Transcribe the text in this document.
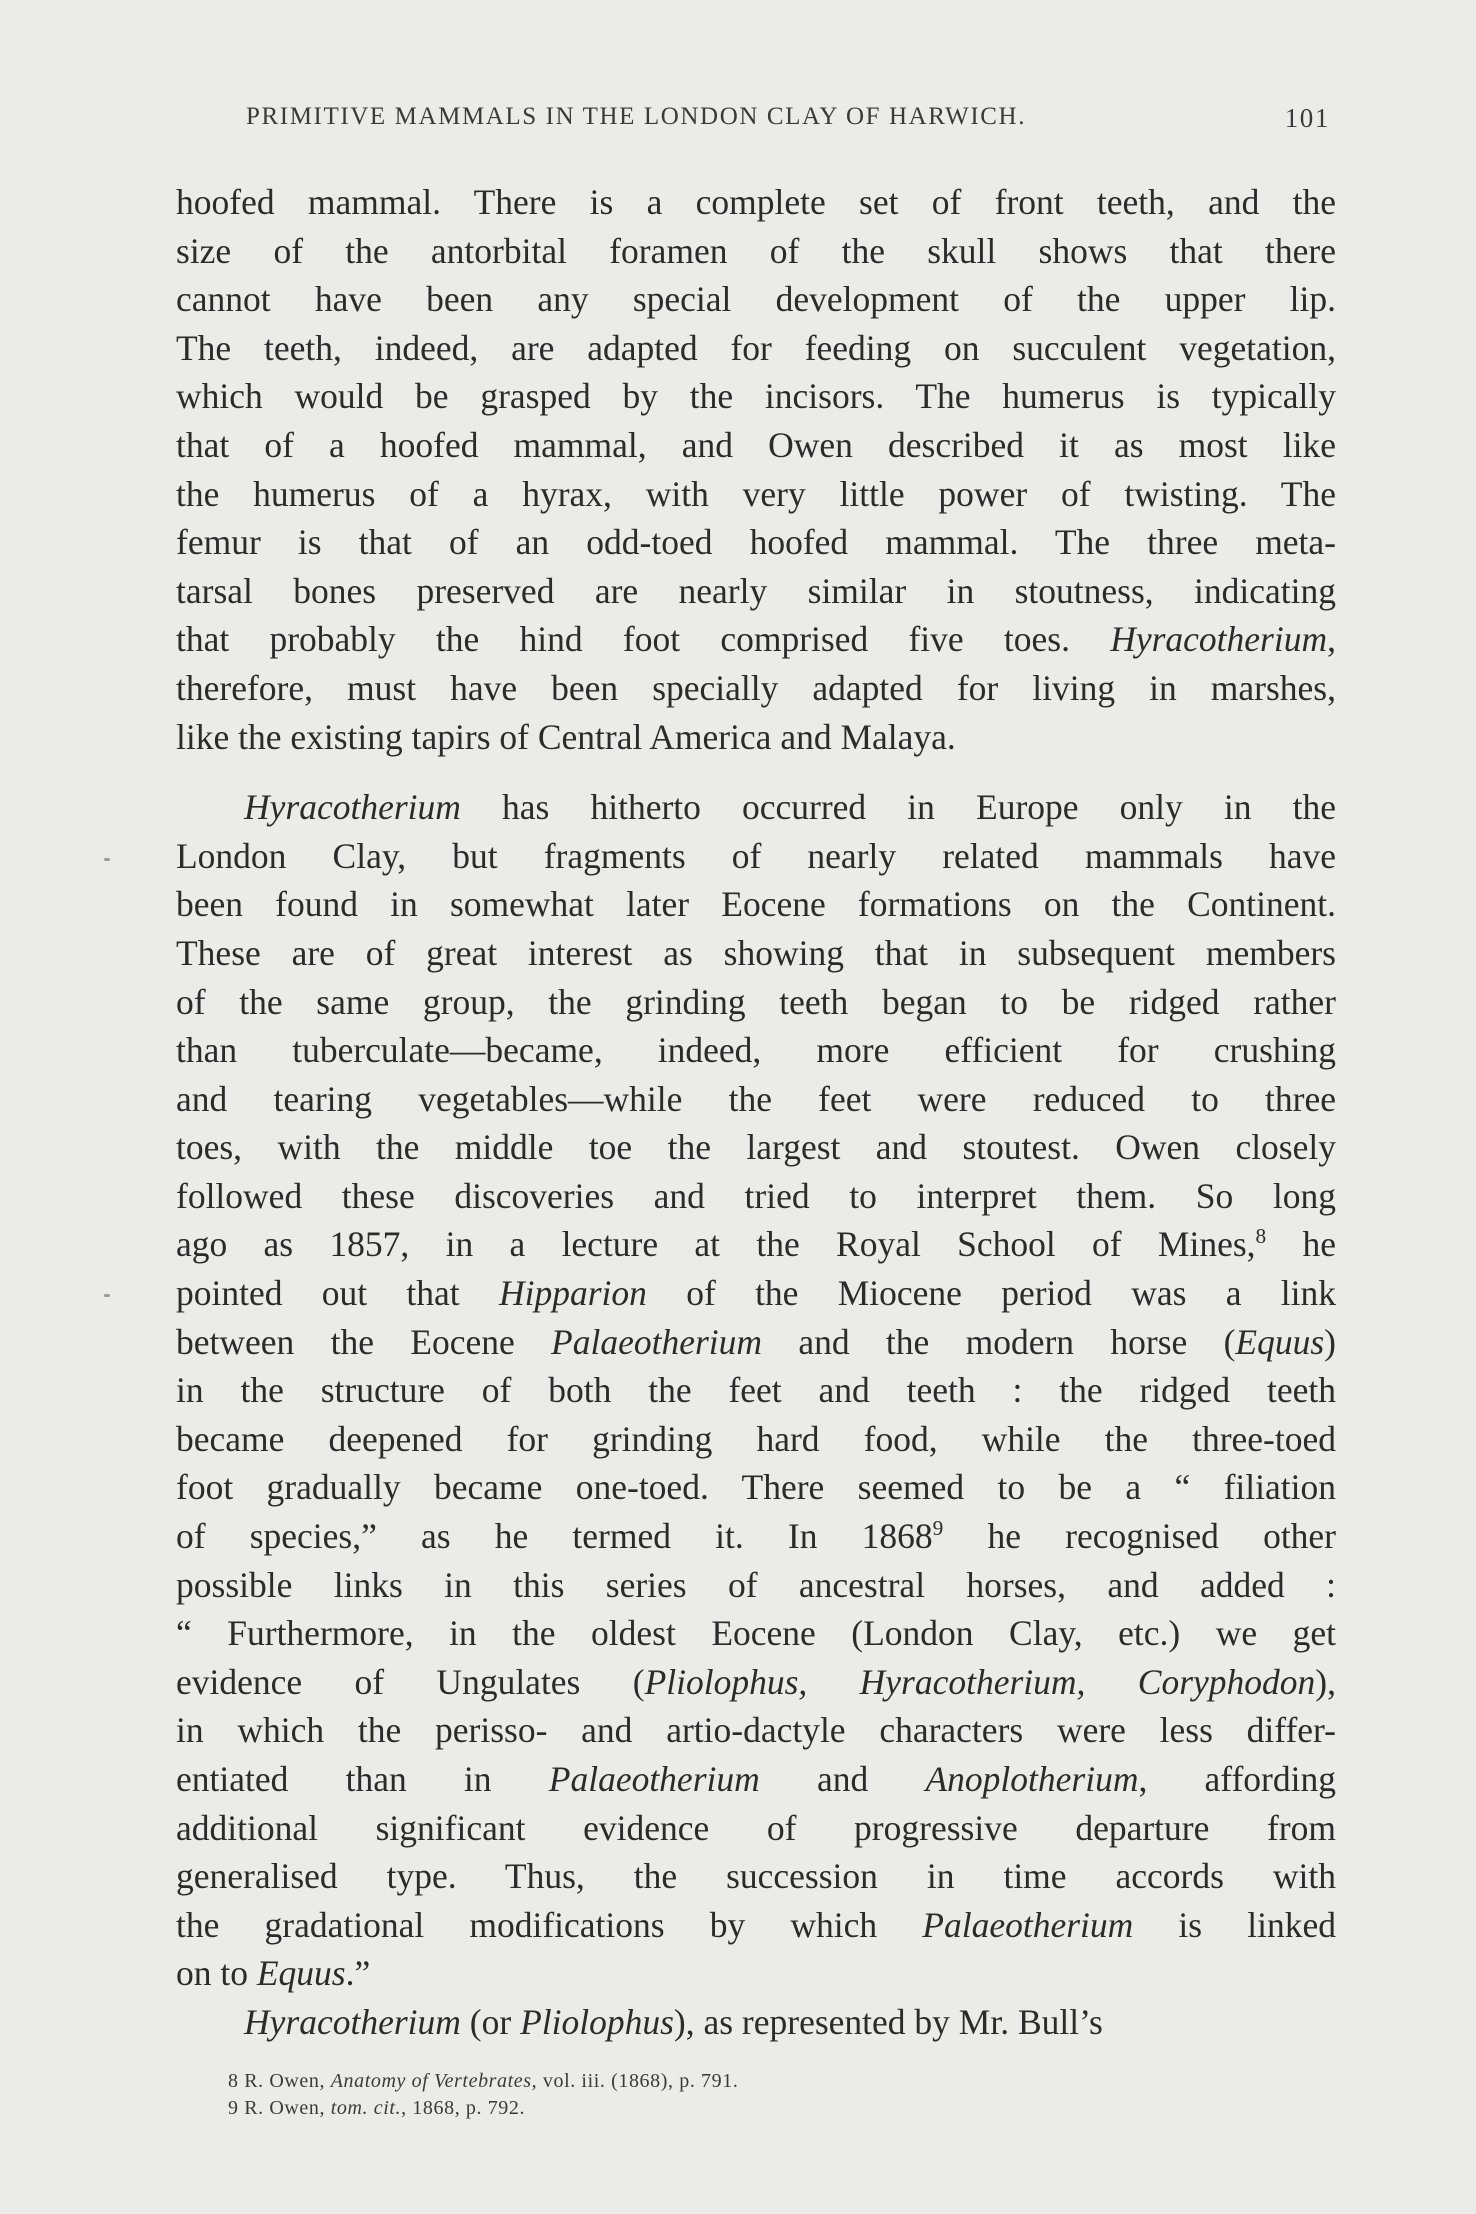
PRIMITIVE MAMMALS IN THE LONDON CLAY OF HARWICH.	101
hoofed mammal. There is a complete set of front teeth, and the
size of the antorbital foramen of the skull shows that there
cannot have been any special development of the upper lip.
The teeth, indeed, are adapted for feeding on succulent vegetation,
which would be grasped by the incisors. The humerus is typically
that of a hoofed mammal, and Owen described it as most like
the humerus of a hyrax, with very little power of twisting. The
femur is that of an odd-toed hoofed mammal. The three meta-
tarsal bones preserved are nearly similar in stoutness, indicating
that probably the hind foot comprised five toes. Hyracotherium,
therefore, must have been specially adapted for living in marshes,
like the existing tapirs of Central America and Malaya.
Hyracotherium has hitherto occurred in Europe only in the
London Clay, but fragments of nearly related mammals have
been found in somewhat later Eocene formations on the Continent.
These are of great interest as showing that in subsequent members
of the same group, the grinding teeth began to be ridged rather
than tuberculate—became, indeed, more efficient for crushing
and tearing vegetables—while the feet were reduced to three
toes, with the middle toe the largest and stoutest. Owen closely
followed these discoveries and tried to interpret them. So long
ago as 1857, in a lecture at the Royal School of Mines,$^8$ he
pointed out that Hipparion of the Miocene period was a link
between the Eocene Palaeotherium and the modern horse (Equus)
in the structure of both the feet and teeth : the ridged teeth
became deepened for grinding hard food, while the three-toed
foot gradually became one-toed. There seemed to be a “ filiation
of species,” as he termed it. In 1868$^9$ he recognised other
possible links in this series of ancestral horses, and added :
“ Furthermore, in the oldest Eocene (London Clay, etc.) we get
evidence of Ungulates (Pliolophus, Hyracotherium, Coryphodon),
in which the perisso- and artio-dactyle characters were less differ-
entiated than in Palaeotherium and Anoplotherium, affording
additional significant evidence of progressive departure from
generalised type. Thus, the succession in time accords with
the gradational modifications by which Palaeotherium is linked
on to Equus.”
Hyracotherium (or Pliolophus), as represented by Mr. Bull’s
8 R. Owen, Anatomy of Vertebrates, vol. iii. (1868), p. 791.
9 R. Owen, tom. cit., 1868, p. 792.
